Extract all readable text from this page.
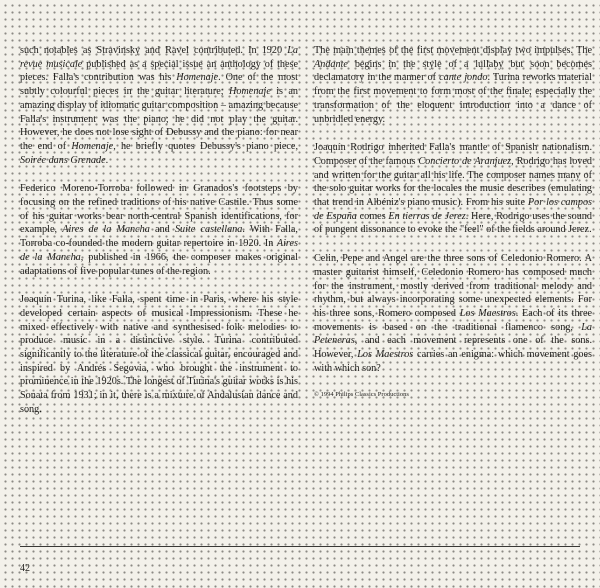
such notables as Stravinsky and Ravel contributed. In 1920 La revue musicale published as a special issue an anthology of these pieces. Falla's contribution was his Homenaje. One of the most subtly colourful pieces in the guitar literature; Homenaje is an amazing display of idiomatic guitar composition – amazing because Falla's instrument was the piano; he did not play the guitar. However, he does not lose sight of Debussy and the piano: for near the end of Homenaje, he briefly quotes Debussy's piano piece, Soirée dans Grenade.

Federico Moreno-Torroba followed in Granados's footsteps by focusing on the refined traditions of his native Castile. Thus some of his guitar works bear north-central Spanish identifications, for example, Aires de la Mancha and Suite castellana. With Falla, Torroba co-founded the modern guitar repertoire in 1920. In Aires de la Mancha, published in 1966, the composer makes original adaptations of five popular tunes of the region.

Joaquín Turina, like Falla, spent time in Paris, where his style developed certain aspects of musical Impressionism. These he mixed effectively with native and synthesised folk melodies to produce music in a distinctive style. Turina contributed significantly to the literature of the classical guitar, encouraged and inspired by Andrés Segovia, who brought the instrument to prominence in the 1920s. The longest of Turina's guitar works is his Sonata from 1931; in it, there is a mixture of Andalusian dance and song.

The main themes of the first movement display two impulses. The Andante begins in the style of a lullaby but soon becomes declamatory in the manner of cante jondo. Turina reworks material from the first movement to form most of the finale, especially the transformation of the eloquent introduction into a dance of unbridled energy.

Joaquín Rodrigo inherited Falla's mantle of Spanish nationalism. Composer of the famous Concierto de Aranjuez, Rodrigo has loved and written for the guitar all his life. The composer names many of the solo guitar works for the locales the music describes (emulating that trend in Albéniz's piano music). From his suite Por los campos de España comes En tierras de Jerez. Here, Rodrigo uses the sound of pungent dissonance to evoke the "feel" of the fields around Jerez.

Celin, Pepe and Angel are the three sons of Celedonio Romero. A master guitarist himself, Celedonio Romero has composed much for the instrument, mostly derived from traditional melody and rhythm, but always incorporating some unexpected elements. For his three sons, Romero composed Los Maestros. Each of its three movements is based on the traditional flamenco song, La Peteneras, and each movement represents one of the sons. However, Los Maestros carries an enigma: which movement goes with which son?

© 1994 Philips Classics Productions

42
